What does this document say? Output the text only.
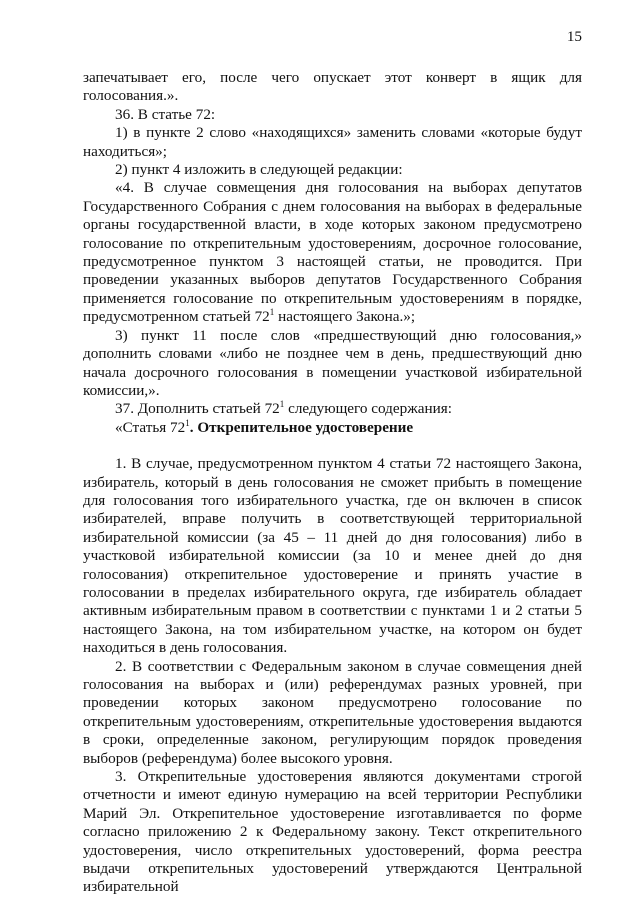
15

запечатывает его, после чего опускает этот конверт в ящик для голосования.».

36. В статье 72:

1) в пункте 2 слово «находящихся» заменить словами «которые будут находиться»;

2) пункт 4 изложить в следующей редакции:

«4. В случае совмещения дня голосования на выборах депутатов Государственного Собрания с днем голосования на выборах в федеральные органы государственной власти, в ходе которых законом предусмотрено голосование по открепительным удостоверениям, досрочное голосование, предусмотренное пунктом 3 настоящей статьи, не проводится. При проведении указанных выборов депутатов Государственного Собрания применяется голосование по открепительным удостоверениям в порядке, предусмотренном статьей $72^1$ настоящего Закона.»;

3) пункт 11 после слов «предшествующий дню голосования,» дополнить словами «либо не позднее чем в день, предшествующий дню начала досрочного голосования в помещении участковой избирательной комиссии,».

37. Дополнить статьей $72^1$ следующего содержания:

«Статья $72^1$. Открепительное удостоверение

1. В случае, предусмотренном пунктом 4 статьи 72 настоящего Закона, избиратель, который в день голосования не сможет прибыть в помещение для голосования того избирательного участка, где он включен в список избирателей, вправе получить в соответствующей территориальной избирательной комиссии (за 45 – 11 дней до дня голосования) либо в участковой избирательной комиссии (за 10 и менее дней до дня голосования) открепительное удостоверение и принять участие в голосовании в пределах избирательного округа, где избиратель обладает активным избирательным правом в соответствии с пунктами 1 и 2 статьи 5 настоящего Закона, на том избирательном участке, на котором он будет находиться в день голосования.

2. В соответствии с Федеральным законом в случае совмещения дней голосования на выборах и (или) референдумах разных уровней, при проведении которых законом предусмотрено голосование по открепительным удостоверениям, открепительные удостоверения выдаются в сроки, определенные законом, регулирующим порядок проведения выборов (референдума) более высокого уровня.

3. Открепительные удостоверения являются документами строгой отчетности и имеют единую нумерацию на всей территории Республики Марий Эл. Открепительное удостоверение изготавливается по форме согласно приложению 2 к Федеральному закону. Текст открепительного удостоверения, число открепительных удостоверений, форма реестра выдачи открепительных удостоверений утверждаются Центральной избирательной
